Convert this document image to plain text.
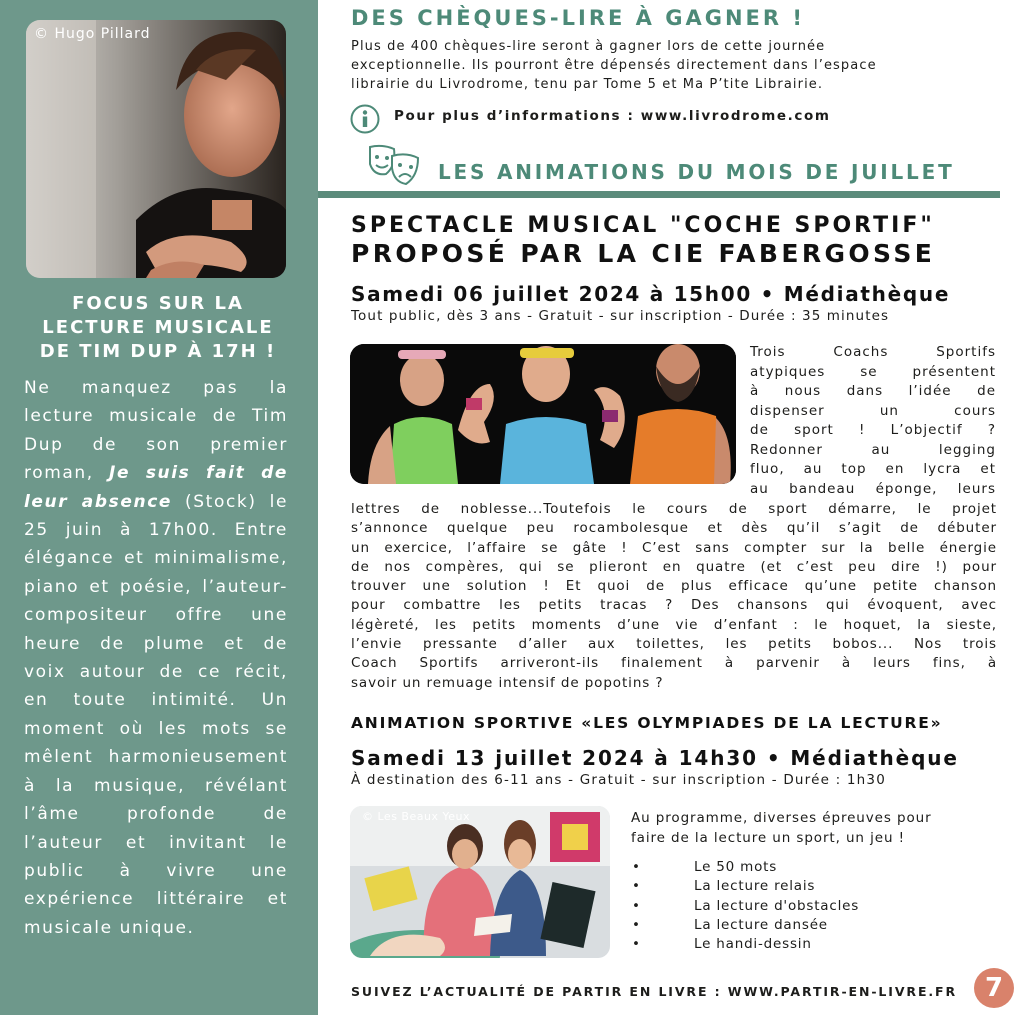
© Hugo Pillard
FOCUS SUR LA
LECTURE MUSICALE
DE TIM DUP À 17H !
Ne manquez pas la lecture musicale de Tim Dup de son premier roman, Je suis fait de leur absence (Stock) le 25 juin à 17h00. Entre élégance et minimalisme, piano et poésie, l’auteur-compositeur offre une heure de plume et de voix autour de ce récit, en toute intimité. Un moment où les mots se mêlent harmonieusement à la musique, révélant l’âme profonde de l’auteur et invitant le public à vivre une expérience littéraire et musicale unique.
DES CHÈQUES-LIRE À GAGNER !
Plus de 400 chèques-lire seront à gagner lors de cette journée
exceptionnelle. Ils pourront être dépensés directement dans l’espace
librairie du Livrodrome, tenu par Tome 5 et Ma P’tite Librairie.
Pour plus d’informations : www.livrodrome.com
LES ANIMATIONS DU MOIS DE JUILLET
SPECTACLE MUSICAL "COCHE SPORTIF"
PROPOSÉ PAR LA CIE FABERGOSSE
Samedi 06 juillet 2024 à 15h00 • Médiathèque
Tout public, dès 3 ans - Gratuit - sur inscription - Durée : 35 minutes
Trois Coachs Sportifs
atypiques se présentent
à nous dans l’idée de
dispenser un cours
de sport ! L’objectif ?
Redonner au legging
fluo, au top en lycra et
au bandeau éponge, leurs
lettres de noblesse...Toutefois le cours de sport démarre, le projet
s’annonce quelque peu rocambolesque et dès qu’il s’agit de débuter
un exercice, l’affaire se gâte ! C’est sans compter sur la belle énergie
de nos compères, qui se plieront en quatre (et c’est peu dire !) pour
trouver une solution ! Et quoi de plus efficace qu’une petite chanson
pour combattre les petits tracas ? Des chansons qui évoquent, avec
légèreté, les petits moments d’une vie d’enfant : le hoquet, la sieste,
l’envie pressante d’aller aux toilettes, les petits bobos... Nos trois
Coach Sportifs arriveront-ils finalement à parvenir à leurs fins, à
savoir un remuage intensif de popotins ?
ANIMATION SPORTIVE «LES OLYMPIADES DE LA LECTURE»
Samedi 13 juillet 2024 à 14h30 • Médiathèque
À destination des 6-11 ans - Gratuit - sur inscription - Durée : 1h30
© Les Beaux Yeux	Au programme, diverses épreuves pour
faire de la lecture un sport, un jeu !
•	Le 50 mots
•	La lecture relais
•	La lecture d'obstacles
•	La lecture dansée
•	Le handi-dessin
SUIVEZ L’ACTUALITÉ DE PARTIR EN LIVRE : WWW.PARTIR-EN-LIVRE.FR	7
